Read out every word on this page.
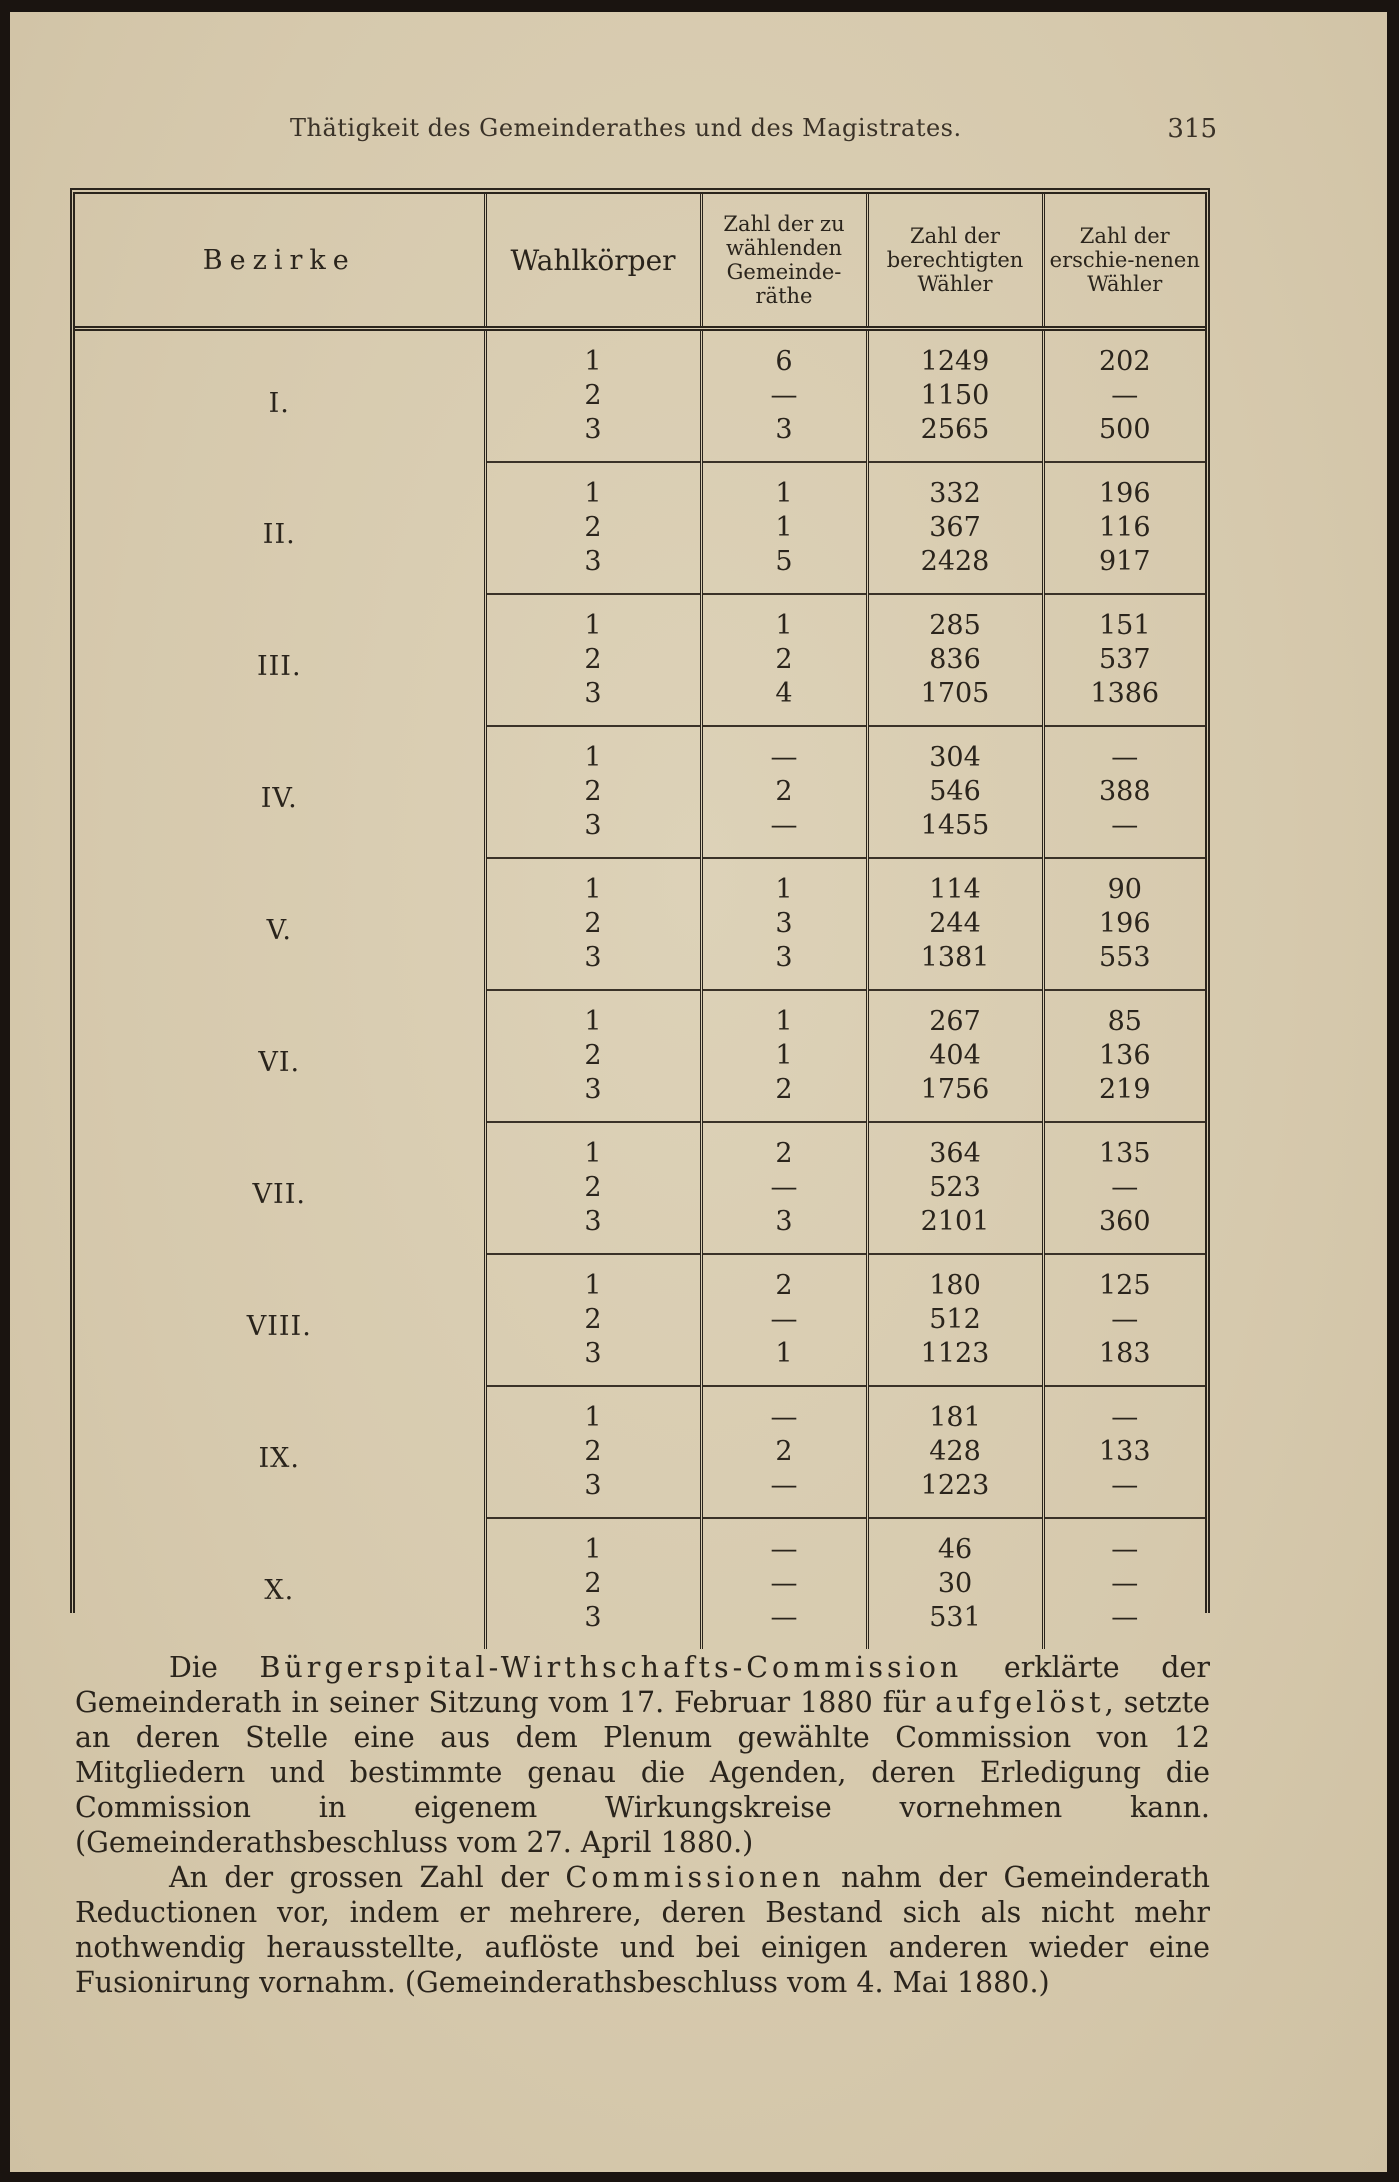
Thätigkeit des Gemeinderathes und des Magistrates.	315
Bezirke	Wahlkörper	Zahl der zu wählenden Gemeinde-räthe	Zahl der berechtigten Wähler	Zahl der erschie-nenen Wähler
I.	1	6	1249	202
	2	—	1150	—
	3	3	2565	500
II.	1	1	332	196
	2	1	367	116
	3	5	2428	917
III.	1	1	285	151
	2	2	836	537
	3	4	1705	1386
IV.	1	—	304	—
	2	2	546	388
	3	—	1455	—
V.	1	1	114	90
	2	3	244	196
	3	3	1381	553
VI.	1	1	267	85
	2	1	404	136
	3	2	1756	219
VII.	1	2	364	135
	2	—	523	—
	3	3	2101	360
VIII.	1	2	180	125
	2	—	512	—
	3	1	1123	183
IX.	1	—	181	—
	2	2	428	133
	3	—	1223	—
X.	1	—	46	—
	2	—	30	—
	3	—	531	—

Die Bürgerspital-Wirthschafts-Commission erklärte der Gemeinderath in seiner Sitzung vom 17. Februar 1880 für aufgelöst, setzte an deren Stelle eine aus dem Plenum gewählte Commission von 12 Mitgliedern und bestimmte genau die Agenden, deren Erledigung die Commission in eigenem Wirkungskreise vornehmen kann. (Gemeinderathsbeschluss vom 27. April 1880.)

An der grossen Zahl der Commissionen nahm der Gemeinderath Reductionen vor, indem er mehrere, deren Bestand sich als nicht mehr nothwendig herausstellte, auflöste und bei einigen anderen wieder eine Fusionirung vornahm. (Gemeinderathsbeschluss vom 4. Mai 1880.)
